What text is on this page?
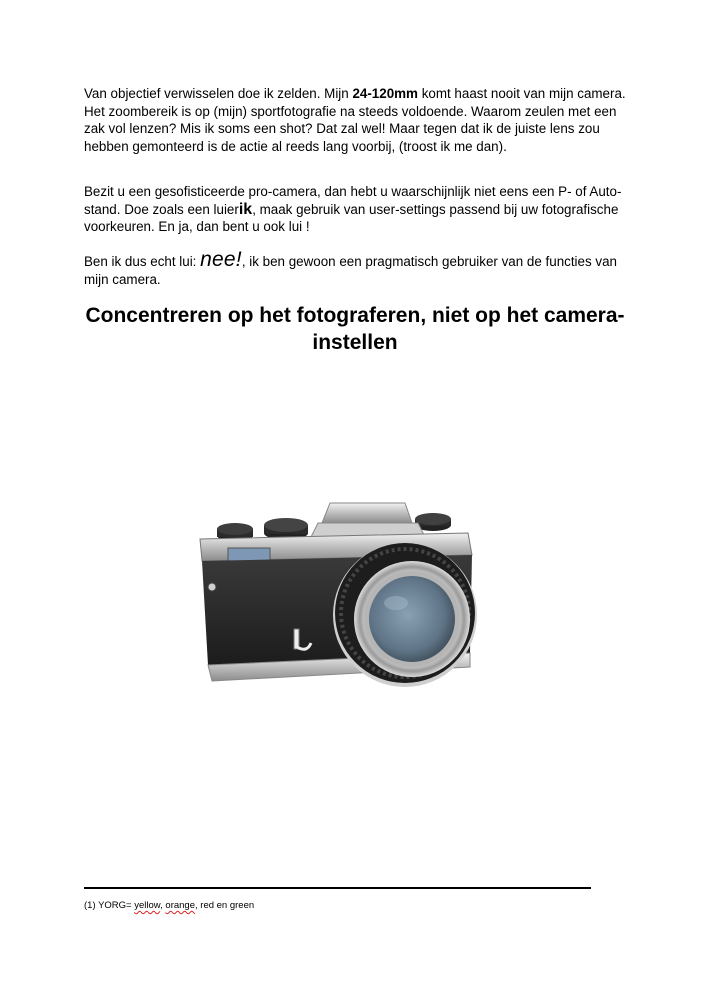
Van objectief verwisselen doe ik zelden. Mijn 24-120mm komt haast nooit van mijn camera. Het zoombereik is op (mijn) sportfotografie na steeds voldoende. Waarom zeulen met een zak vol lenzen? Mis ik soms een shot? Dat zal wel! Maar tegen dat ik de juiste lens zou hebben gemonteerd is de actie al reeds lang voorbij, (troost ik me dan).

Bezit u een gesofisticeerde pro-camera, dan hebt u waarschijnlijk niet eens een P- of Auto-stand. Doe zoals een luierik, maak gebruik van user-settings passend bij uw fotografische voorkeuren. En ja, dan bent u ook lui !

Ben ik dus echt lui: nee!, ik ben gewoon een pragmatisch gebruiker van de functies van mijn camera.

Concentreren op het fotograferen, niet op het camera-instellen

(1) YORG= yellow, orange, red en green
